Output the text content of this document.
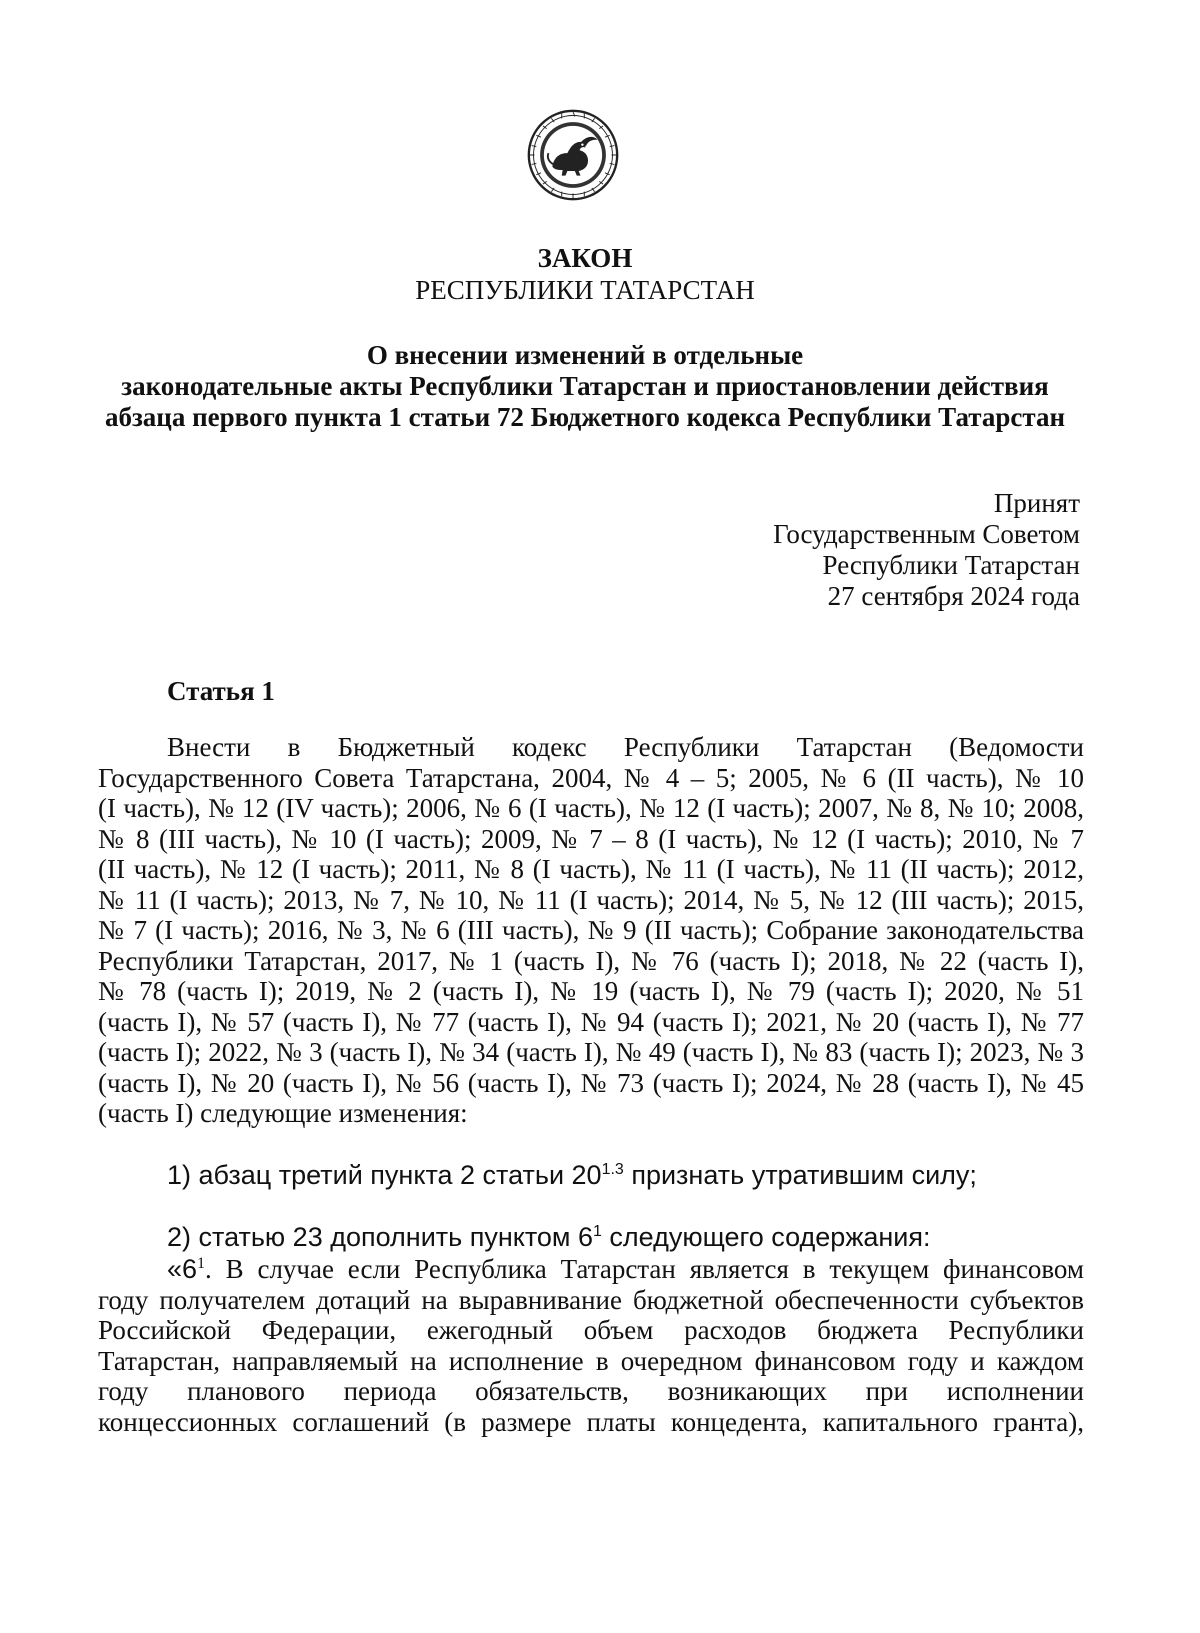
ЗАКОН
РЕСПУБЛИКИ ТАТАРСТАН
О внесении изменений в отдельные
законодательные акты Республики Татарстан и приостановлении действия
абзаца первого пункта 1 статьи 72 Бюджетного кодекса Республики Татарстан
Принят
Государственным Советом
Республики Татарстан
27 сентября 2024 года
Статья 1
Внести в Бюджетный кодекс Республики Татарстан (Ведомости
Государственного Совета Татарстана, 2004, № 4 – 5; 2005, № 6 (II часть), № 10
(I часть), № 12 (IV часть); 2006, № 6 (I часть), № 12 (I часть); 2007, № 8, № 10; 2008,
№ 8 (III часть), № 10 (I часть); 2009, № 7 – 8 (I часть), № 12 (I часть); 2010, № 7
(II часть), № 12 (I часть); 2011, № 8 (I часть), № 11 (I часть), № 11 (II часть); 2012,
№ 11 (I часть); 2013, № 7, № 10, № 11 (I часть); 2014, № 5, № 12 (III часть); 2015,
№ 7 (I часть); 2016, № 3, № 6 (III часть), № 9 (II часть); Собрание законодательства
Республики Татарстан, 2017, № 1 (часть I), № 76 (часть I); 2018, № 22 (часть I),
№ 78 (часть I); 2019, № 2 (часть I), № 19 (часть I), № 79 (часть I); 2020, № 51
(часть I), № 57 (часть I), № 77 (часть I), № 94 (часть I); 2021, № 20 (часть I), № 77
(часть I); 2022, № 3 (часть I), № 34 (часть I), № 49 (часть I), № 83 (часть I); 2023, № 3
(часть I), № 20 (часть I), № 56 (часть I), № 73 (часть I); 2024, № 28 (часть I), № 45
(часть I) следующие изменения:
1) абзац третий пункта 2 статьи $20^{1.3}$ признать утратившим силу;
2) статью 23 дополнить пунктом $6^1$ следующего содержания:
«$6^1$. В случае если Республика Татарстан является в текущем финансовом
году получателем дотаций на выравнивание бюджетной обеспеченности субъектов
Российской Федерации, ежегодный объем расходов бюджета Республики
Татарстан, направляемый на исполнение в очередном финансовом году и каждом
году планового периода обязательств, возникающих при исполнении
концессионных соглашений (в размере платы концедента, капитального гранта),
